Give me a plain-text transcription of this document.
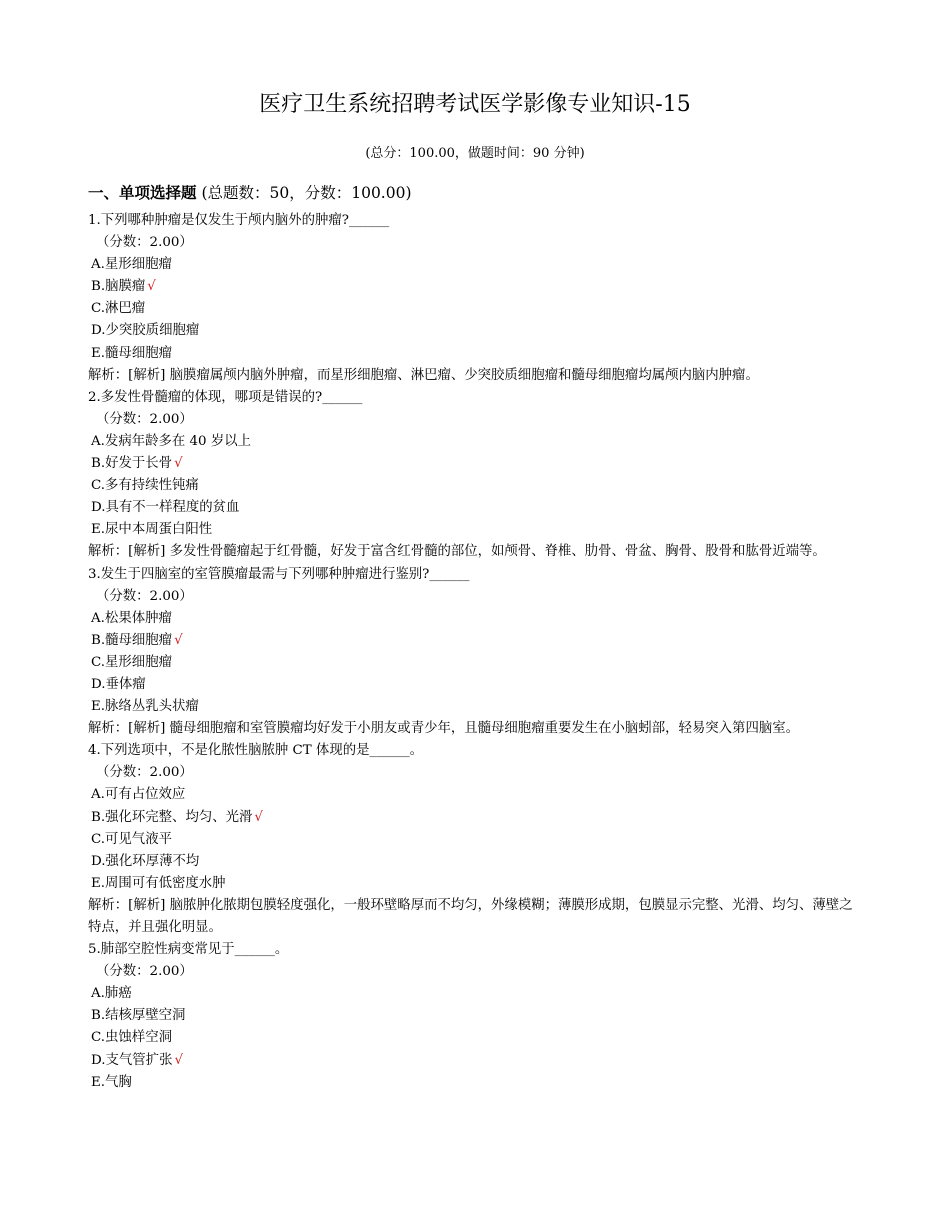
医疗卫生系统招聘考试医学影像专业知识-15
(总分：100.00，做题时间：90 分钟)
一、单项选择题 (总题数：50，分数：100.00)
1.下列哪种肿瘤是仅发生于颅内脑外的肿瘤?______
（分数：2.00）
A.星形细胞瘤
B.脑膜瘤 √
C.淋巴瘤
D.少突胶质细胞瘤
E.髓母细胞瘤
解析：[解析] 脑膜瘤属颅内脑外肿瘤，而星形细胞瘤、淋巴瘤、少突胶质细胞瘤和髓母细胞瘤均属颅内脑内肿瘤。
2.多发性骨髓瘤的体现，哪项是错误的?______
（分数：2.00）
A.发病年龄多在 40 岁以上
B.好发于长骨 √
C.多有持续性钝痛
D.具有不一样程度的贫血
E.尿中本周蛋白阳性
解析：[解析] 多发性骨髓瘤起于红骨髓，好发于富含红骨髓的部位，如颅骨、脊椎、肋骨、骨盆、胸骨、股骨和肱骨近端等。
3.发生于四脑室的室管膜瘤最需与下列哪种肿瘤进行鉴别?______
（分数：2.00）
A.松果体肿瘤
B.髓母细胞瘤 √
C.星形细胞瘤
D.垂体瘤
E.脉络丛乳头状瘤
解析：[解析] 髓母细胞瘤和室管膜瘤均好发于小朋友或青少年，且髓母细胞瘤重要发生在小脑蚓部，轻易突入第四脑室。
4.下列选项中，不是化脓性脑脓肿 CT 体现的是______。
（分数：2.00）
A.可有占位效应
B.强化环完整、均匀、光滑 √
C.可见气液平
D.强化环厚薄不均
E.周围可有低密度水肿
解析：[解析] 脑脓肿化脓期包膜轻度强化，一般环壁略厚而不均匀，外缘模糊；薄膜形成期，包膜显示完整、光滑、均匀、薄壁之特点，并且强化明显。
5.肺部空腔性病变常见于______。
（分数：2.00）
A.肺癌
B.结核厚壁空洞
C.虫蚀样空洞
D.支气管扩张 √
E.气胸
